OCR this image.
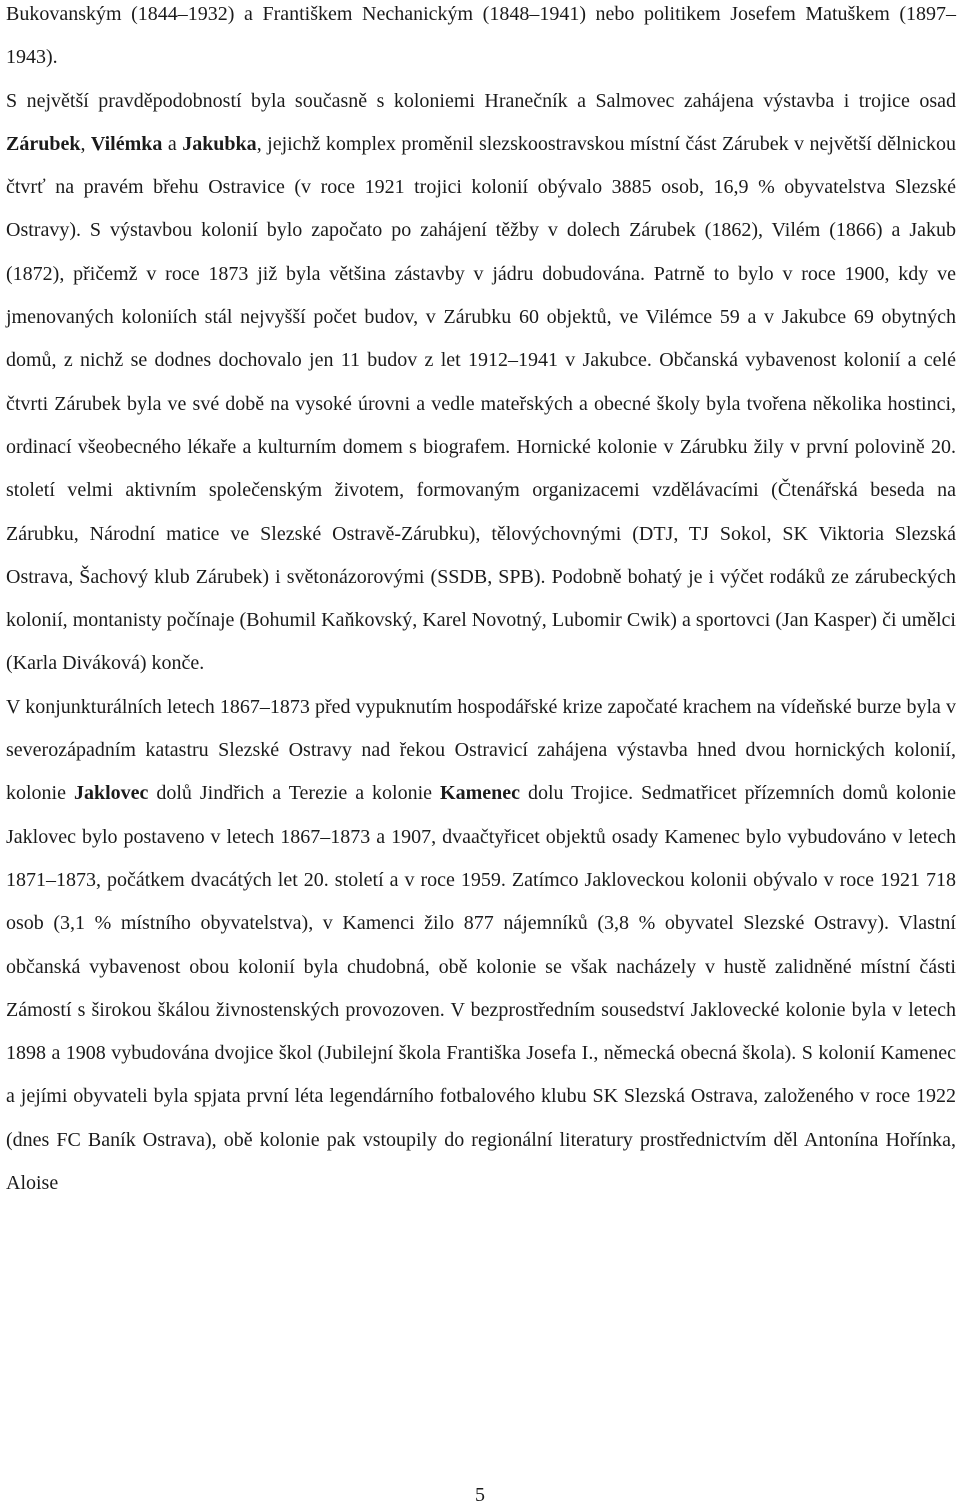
Bukovanským (1844–1932) a Františkem Nechanickým (1848–1941) nebo politikem Josefem Matuškem (1897–1943).

S největší pravděpodobností byla současně s koloniemi Hranečník a Salmovec zahájena výstavba i trojice osad Zárubek, Vilémka a Jakubka, jejichž komplex proměnil slezskoostravskou místní část Zárubek v největší dělnickou čtvrť na pravém břehu Ostravice (v roce 1921 trojici kolonií obývalo 3885 osob, 16,9 % obyvatelstva Slezské Ostravy). S výstavbou kolonií bylo započato po zahájení těžby v dolech Zárubek (1862), Vilém (1866) a Jakub (1872), přičemž v roce 1873 již byla většina zástavby v jádru dobudována. Patrně to bylo v roce 1900, kdy ve jmenovaných koloniích stál nejvyšší počet budov, v Zárubku 60 objektů, ve Vilémce 59 a v Jakubce 69 obytných domů, z nichž se dodnes dochovalo jen 11 budov z let 1912–1941 v Jakubce. Občanská vybavenost kolonií a celé čtvrti Zárubek byla ve své době na vysoké úrovni a vedle mateřských a obecné školy byla tvořena několika hostinci, ordinací všeobecného lékaře a kulturním domem s biografem. Hornické kolonie v Zárubku žily v první polovině 20. století velmi aktivním společenským životem, formovaným organizacemi vzdělávacími (Čtenářská beseda na Zárubku, Národní matice ve Slezské Ostravě-Zárubku), tělovýchovnými (DTJ, TJ Sokol, SK Viktoria Slezská Ostrava, Šachový klub Zárubek) i světonázorovými (SSDB, SPB). Podobně bohatý je i výčet rodáků ze zárubeckých kolonií, montanisty počínaje (Bohumil Kaňkovský, Karel Novotný, Lubomir Cwik) a sportovci (Jan Kasper) či umělci (Karla Diváková) konče.

V konjunkturálních letech 1867–1873 před vypuknutím hospodářské krize započaté krachem na vídeňské burze byla v severozápadním katastru Slezské Ostravy nad řekou Ostravicí zahájena výstavba hned dvou hornických kolonií, kolonie Jaklovec dolů Jindřich a Terezie a kolonie Kamenec dolu Trojice. Sedmatřicet přízemních domů kolonie Jaklovec bylo postaveno v letech 1867–1873 a 1907, dvaačtyřicet objektů osady Kamenec bylo vybudováno v letech 1871–1873, počátkem dvacátých let 20. století a v roce 1959. Zatímco Jakloveckou kolonii obývalo v roce 1921 718 osob (3,1 % místního obyvatelstva), v Kamenci žilo 877 nájemníků (3,8 % obyvatel Slezské Ostravy). Vlastní občanská vybavenost obou kolonií byla chudobná, obě kolonie se však nacházely v hustě zalidněné místní části Zámostí s širokou škálou živnostenských provozoven. V bezprostředním sousedství Jaklovecké kolonie byla v letech 1898 a 1908 vybudována dvojice škol (Jubilejní škola Františka Josefa I., německá obecná škola). S kolonií Kamenec a jejími obyvateli byla spjata první léta legendárního fotbalového klubu SK Slezská Ostrava, založeného v roce 1922 (dnes FC Baník Ostrava), obě kolonie pak vstoupily do regionální literatury prostřednictvím děl Antonína Hořínka, Aloise

5
